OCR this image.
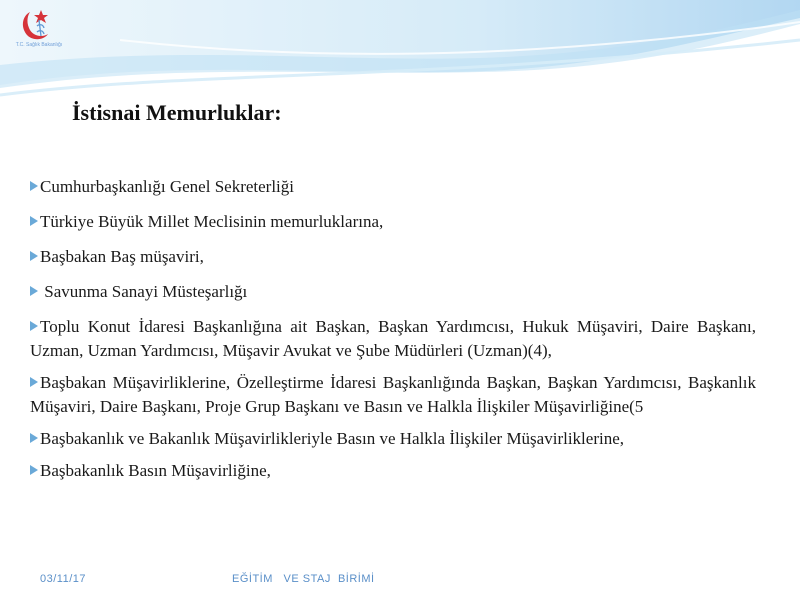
T.C. Sağlık Bakanlığı
İstisnai Memurluklar:

Cumhurbaşkanlığı Genel Sekreterliği

Türkiye Büyük Millet Meclisinin memurluklarına,

Başbakan Baş müşaviri,

Savunma Sanayi Müsteşarlığı

Toplu Konut İdaresi Başkanlığına ait Başkan, Başkan Yardımcısı, Hukuk Müşaviri, Daire Başkanı, Uzman, Uzman Yardımcısı, Müşavir Avukat ve Şube Müdürleri (Uzman)(4),

Başbakan Müşavirliklerine, Özelleştirme İdaresi Başkanlığında Başkan, Başkan Yardımcısı, Başkanlık Müşaviri, Daire Başkanı, Proje Grup Başkanı ve Basın ve Halkla İlişkiler Müşavirliğine(5

Başbakanlık ve Bakanlık Müşavirlikleriyle Basın ve Halkla İlişkiler Müşavirliklerine,

Başbakanlık Basın Müşavirliğine,

03/11/17	EĞİTİM   VE STAJ  BİRİMİ
